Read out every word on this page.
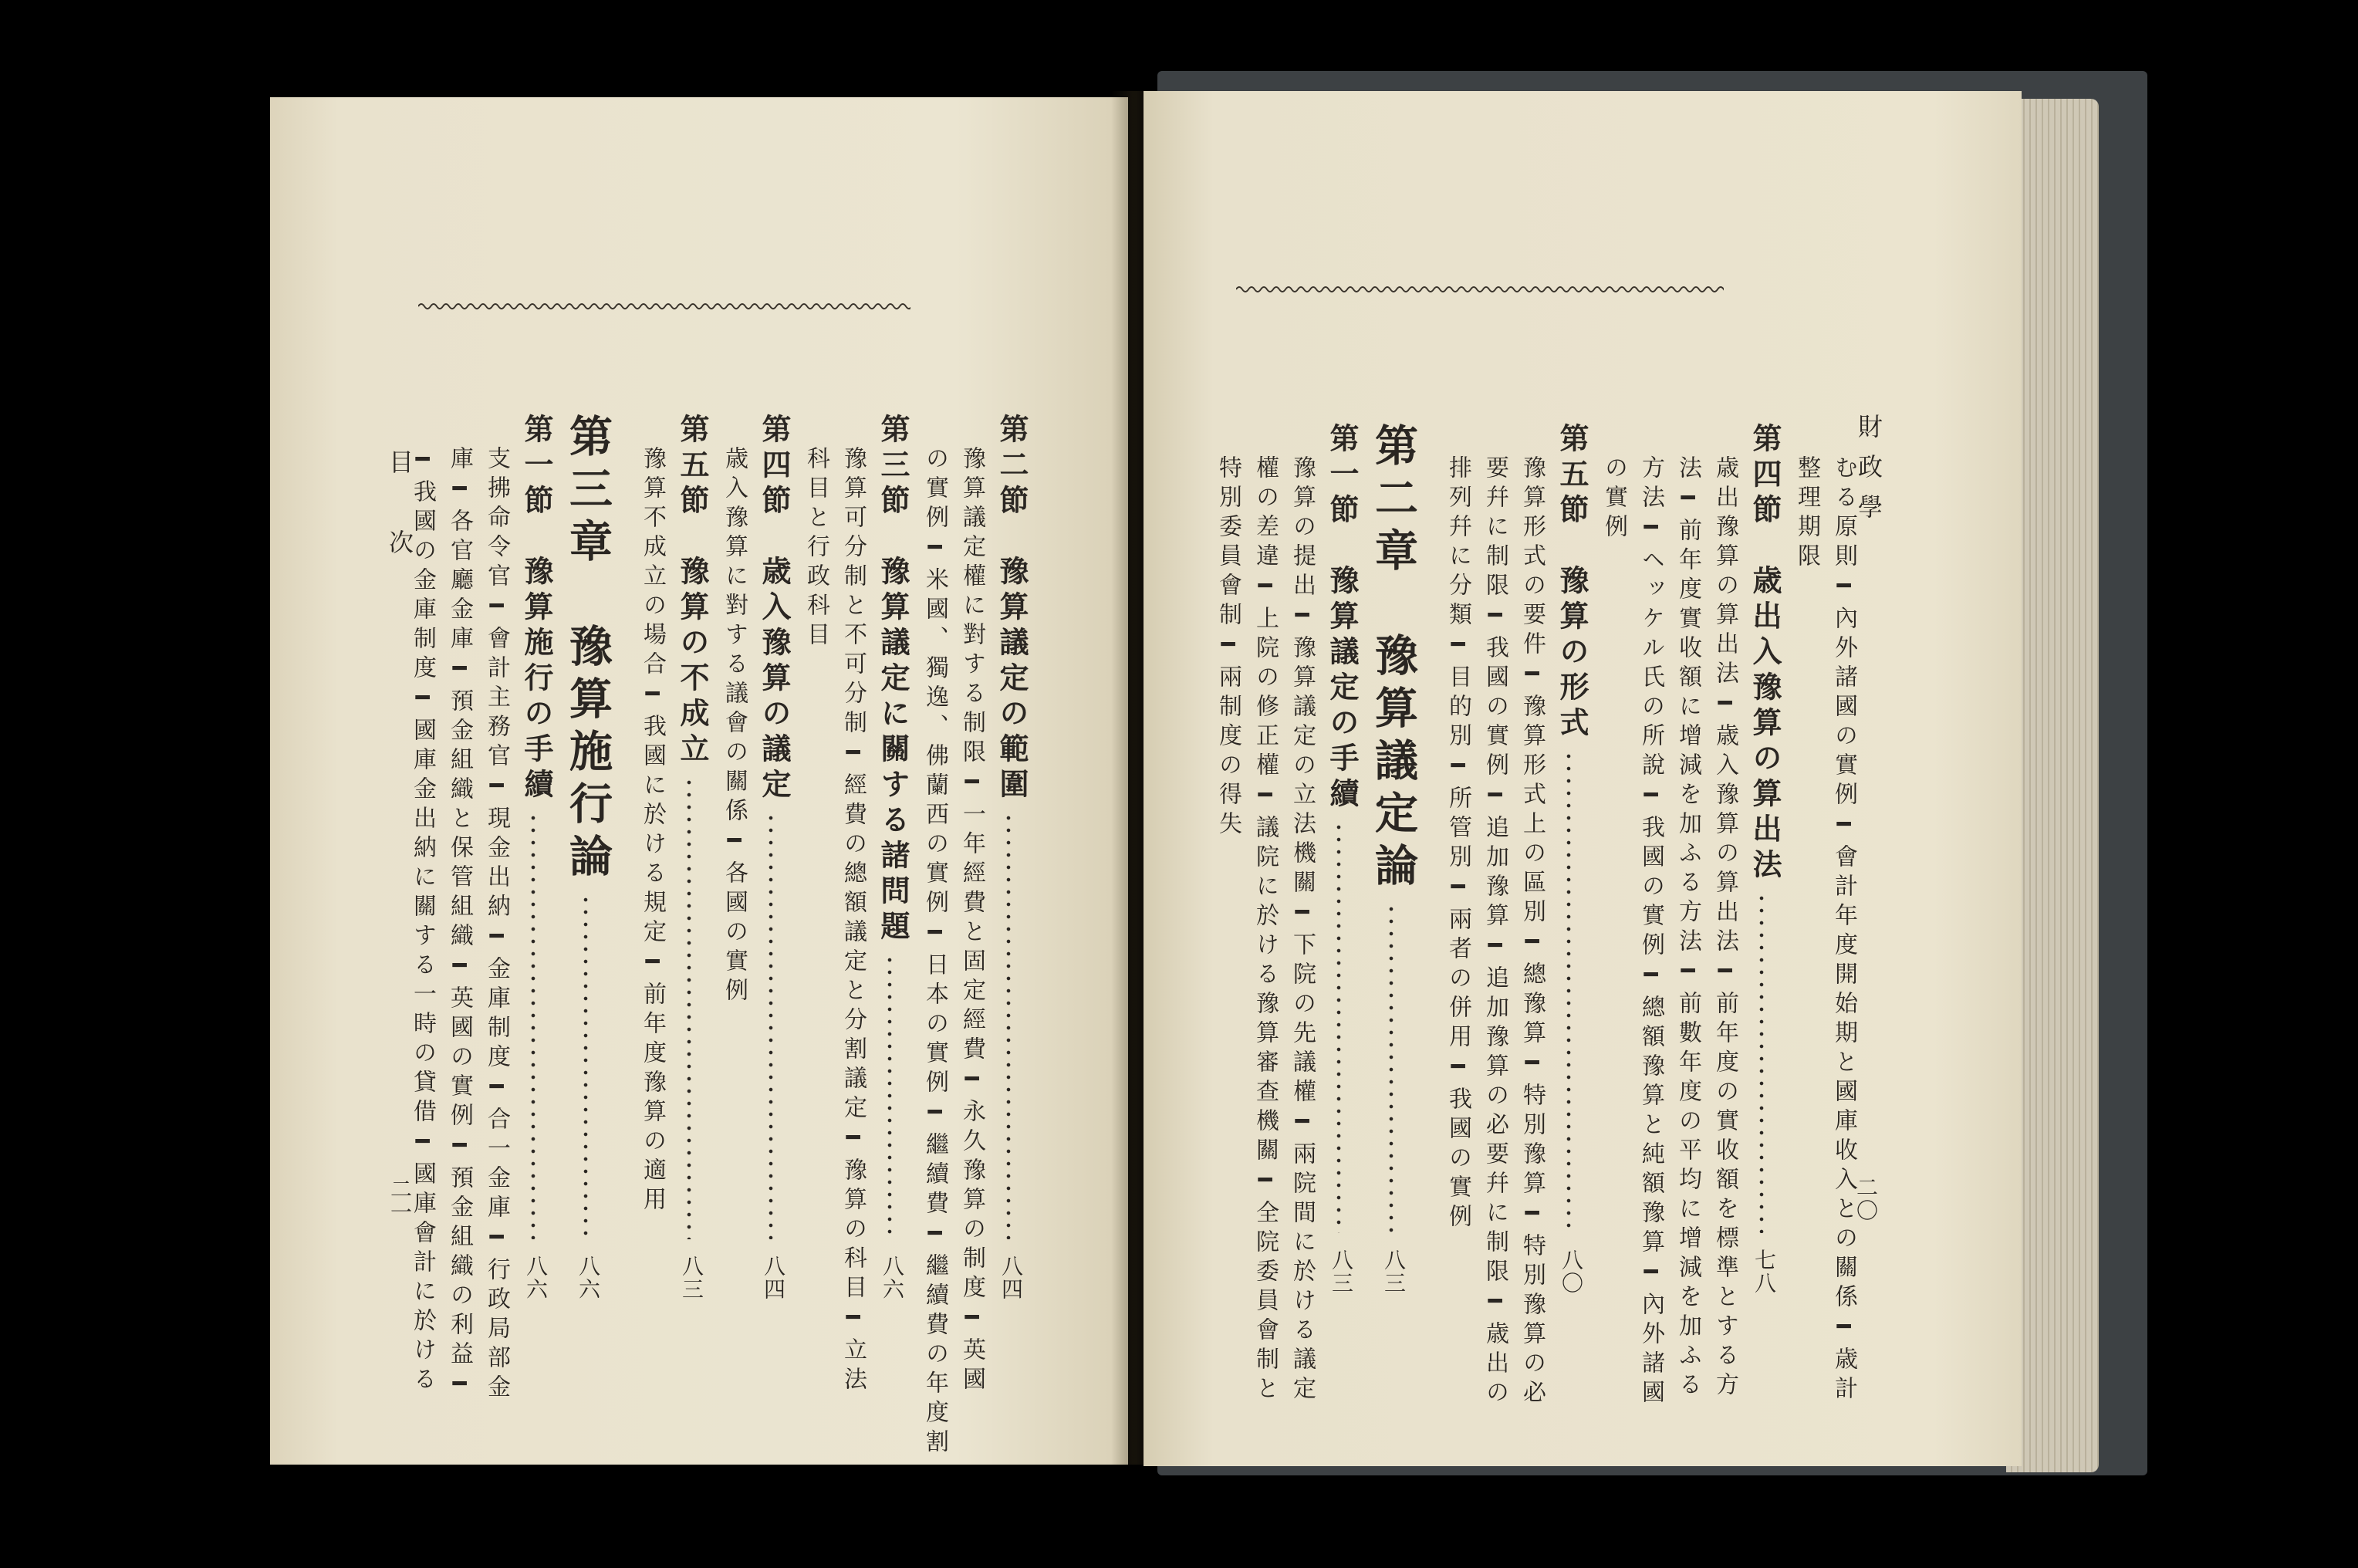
目　次
二一
第二節　豫算議定の範圍
八四
豫算議定權に對する制限━一年經費と固定經費━永久豫算の制度━英國
の實例━米國、獨逸、佛蘭西の實例━日本の實例━繼續費━繼續費の年度割
第三節　豫算議定に關する諸問題
八六
豫算可分制と不可分制━經費の總額議定と分割議定━豫算の科目━立法
科目と行政科目
第四節　歳入豫算の議定
八四
歳入豫算に對する議會の關係━各國の實例
第五節　豫算の不成立
八三
豫算不成立の場合━我國に於ける規定━前年度豫算の適用
第三章　豫算施行論
八六
第一節　豫算施行の手續
八六
支拂命令官━會計主務官━現金出納━金庫制度━合一金庫━行政局部金
庫━各官廳金庫━預金組織と保管組織━英國の實例━預金組織の利益━
━我國の金庫制度━國庫金出納に關する一時の貸借━國庫會計に於ける	財政學
二〇
むる原則━內外諸國の實例━會計年度開始期と國庫收入との關係━歳計
整理期限
第四節　歳出入豫算の算出法
七八
歳出豫算の算出法━歳入豫算の算出法━前年度の實收額を標準とする方
法━前年度實收額に增減を加ふる方法━前數年度の平均に增減を加ふる
方法━ヘッケル氏の所說━我國の實例━總額豫算と純額豫算━內外諸國
の實例
第五節　豫算の形式
八〇
豫算形式の要件━豫算形式上の區別━總豫算━特別豫算━特別豫算の必
要幷に制限━我國の實例━追加豫算━追加豫算の必要幷に制限━歳出の
排列幷に分類━目的別━所管別━兩者の併用━我國の實例
第二章　豫算議定論
八三
第一節　豫算議定の手續
八三
豫算の提出━豫算議定の立法機關━下院の先議權━兩院間に於ける議定
權の差違━上院の修正權━議院に於ける豫算審查機關━全院委員會制と
特別委員會制━兩制度の得失
